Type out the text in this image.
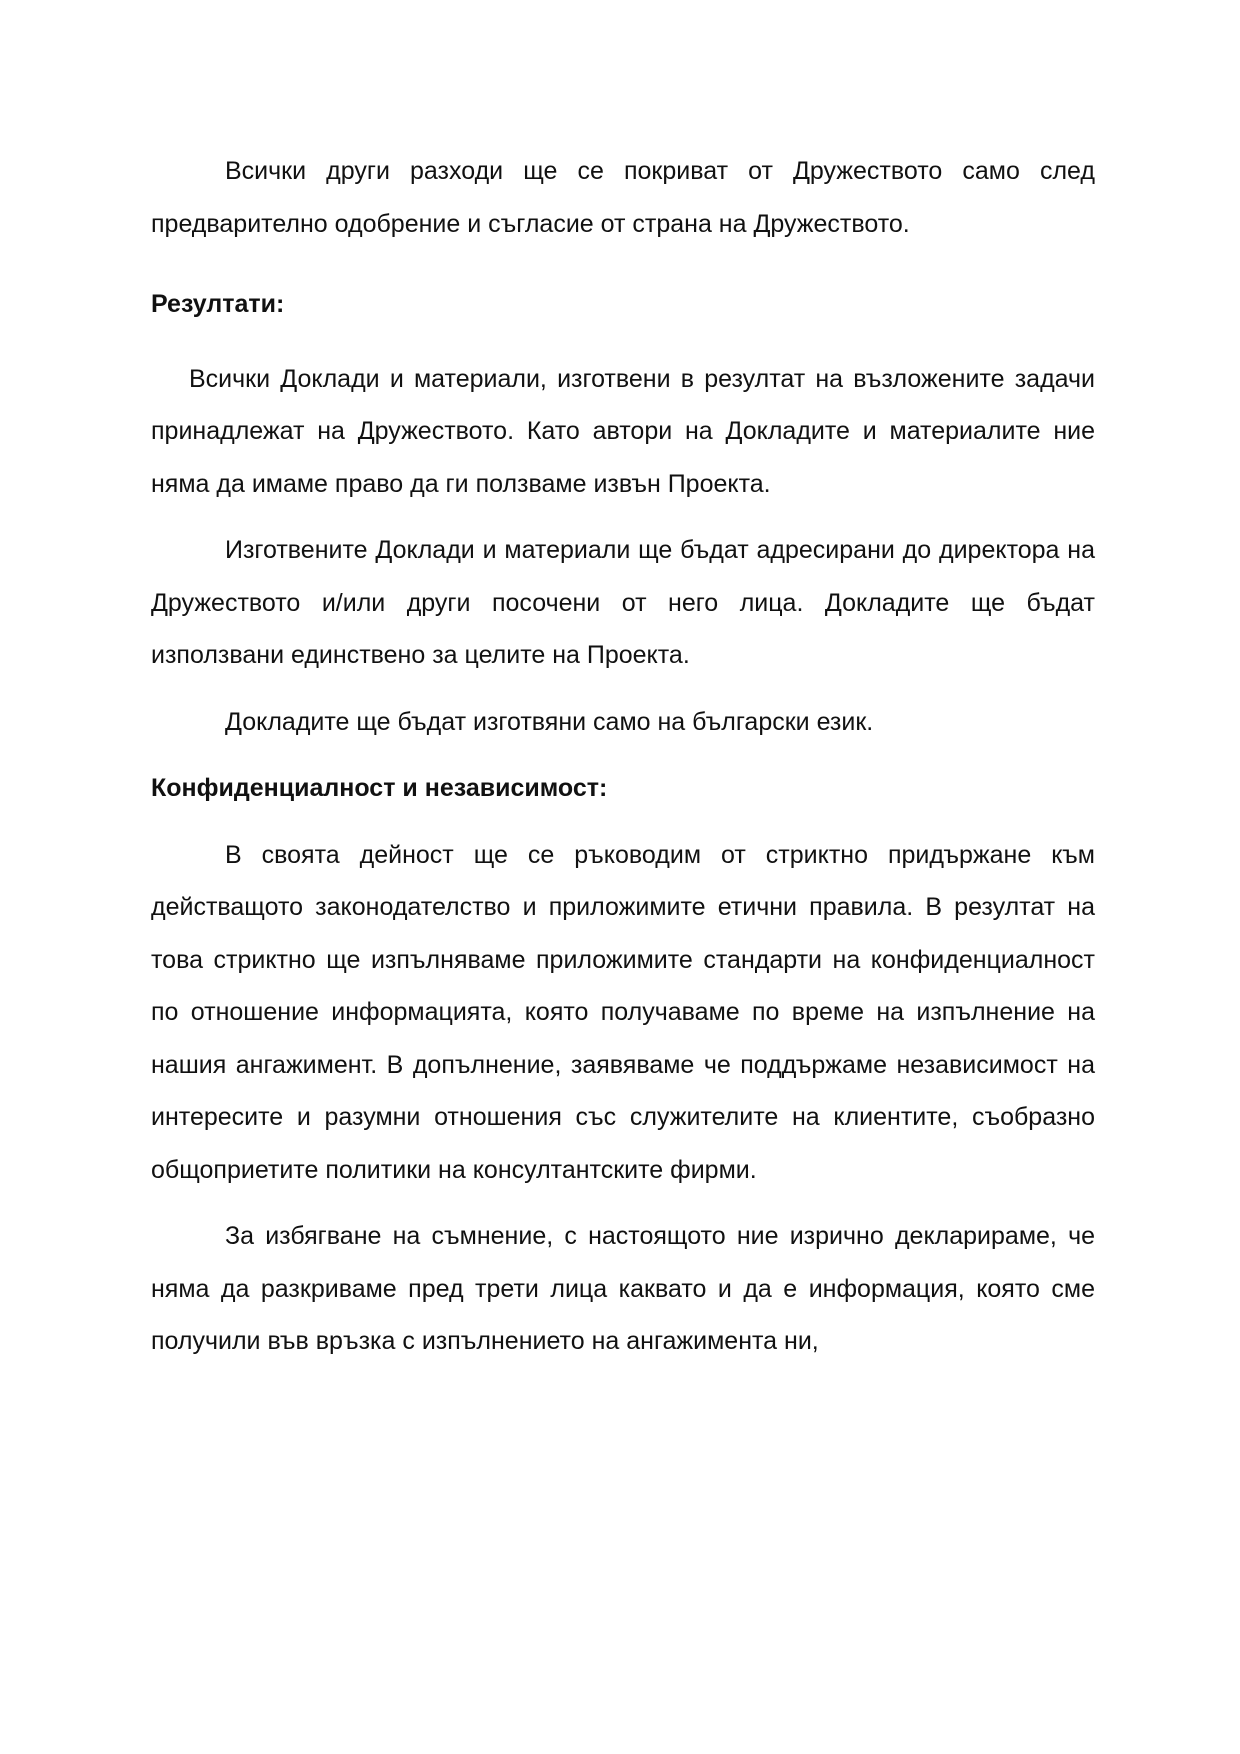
Всички други разходи ще се покриват от Дружеството само след предварително одобрение и съгласие от страна на Дружеството.

Резултати:

Всички Доклади и материали, изготвени в резултат на възложените задачи принадлежат на Дружеството. Като автори на Докладите и материалите ние няма да имаме право да ги ползваме извън Проекта.

Изготвените Доклади и материали ще бъдат адресирани до директора на Дружеството и/или други посочени от него лица. Докладите ще бъдат използвани единствено за целите на Проекта.

Докладите ще бъдат изготвяни само на български език.

Конфиденциалност и независимост:

В своята дейност ще се ръководим от стриктно придържане към действащото законодателство и приложимите етични правила. В резултат на това стриктно ще изпълняваме приложимите стандарти на конфиденциалност по отношение информацията, която получаваме по време на изпълнение на нашия ангажимент. В допълнение, заявяваме че поддържаме независимост на интересите и разумни отношения със служителите на клиентите, съобразно общоприетите политики на консултантските фирми.

За избягване на съмнение, с настоящото ние изрично декларираме, че няма да разкриваме пред трети лица каквато и да е информация, която сме получили във връзка с изпълнението на ангажимента ни,
